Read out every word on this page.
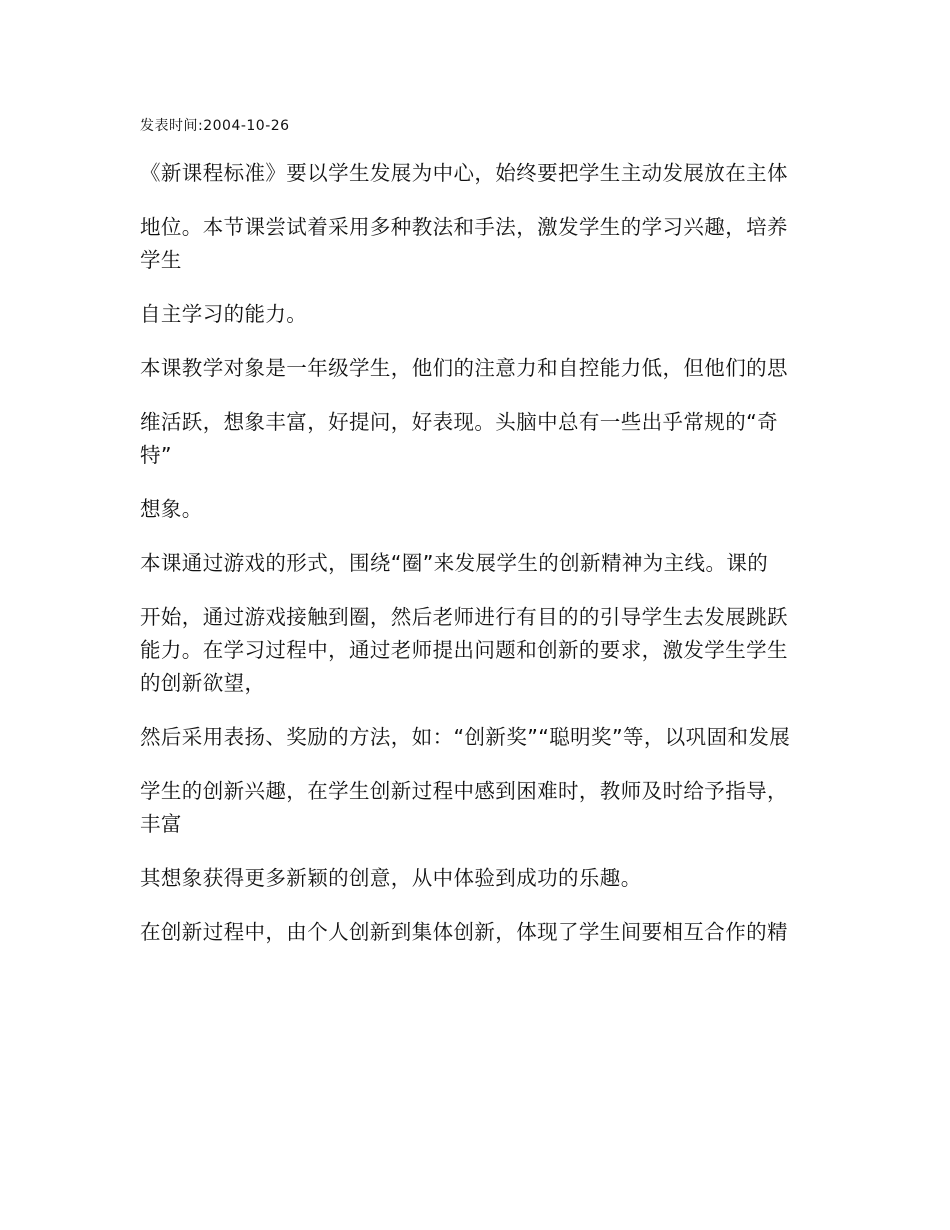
发表时间:2004-10-26

《新课程标准》要以学生发展为中心，始终要把学生主动发展放在主体

地位。本节课尝试着采用多种教法和手法，激发学生的学习兴趣，培养学生

自主学习的能力。

本课教学对象是一年级学生，他们的注意力和自控能力低，但他们的思

维活跃，想象丰富，好提问，好表现。头脑中总有一些出乎常规的“奇特”

想象。

本课通过游戏的形式，围绕“圈”来发展学生的创新精神为主线。课的

开始，通过游戏接触到圈，然后老师进行有目的的引导学生去发展跳跃能力。在学习过程中，通过老师提出问题和创新的要求，激发学生学生的创新欲望，

然后采用表扬、奖励的方法，如：“创新奖”“聪明奖”等，以巩固和发展

学生的创新兴趣，在学生创新过程中感到困难时，教师及时给予指导，丰富

其想象获得更多新颖的创意，从中体验到成功的乐趣。

在创新过程中，由个人创新到集体创新，体现了学生间要相互合作的精
